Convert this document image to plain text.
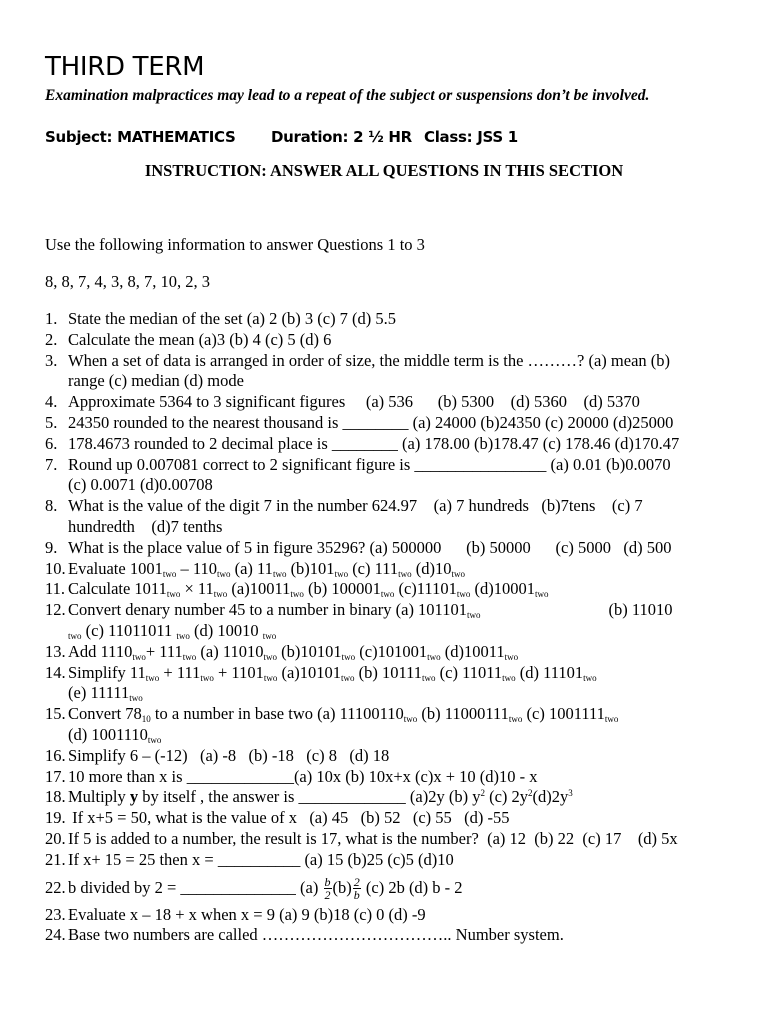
THIRD TERM
Examination malpractices may lead to a repeat of the subject or suspensions don’t be involved.
Subject: MATHEMATICS Duration: 2 ½ HR Class: JSS 1
INSTRUCTION: ANSWER ALL QUESTIONS IN THIS SECTION
Use the following information to answer Questions 1 to 3
8, 8, 7, 4, 3, 8, 7, 10, 2, 3
1. State the median of the set (a) 2 (b) 3 (c) 7 (d) 5.5
2. Calculate the mean (a)3 (b) 4 (c) 5 (d) 6
3. When a set of data is arranged in order of size, the middle term is the ………? (a) mean (b)
range (c) median (d) mode
4. Approximate 5364 to 3 significant figures     (a) 536      (b) 5300    (d) 5360    (d) 5370
5. 24350 rounded to the nearest thousand is ________ (a) 24000 (b)24350 (c) 20000 (d)25000
6. 178.4673 rounded to 2 decimal place is ________ (a) 178.00 (b)178.47 (c) 178.46 (d)170.47
7. Round up 0.007081 correct to 2 significant figure is ________________ (a) 0.01 (b)0.0070
(c) 0.0071 (d)0.00708
8. What is the value of the digit 7 in the number 624.97    (a) 7 hundreds   (b)7tens    (c) 7
hundredth    (d)7 tenths
9. What is the place value of 5 in figure 35296? (a) 500000      (b) 50000      (c) 5000   (d) 500
10. Evaluate $1001_{two} - 110_{two}$ (a) $11_{two}$ $(b)101_{two}$ (c) $111_{two}$ $(d)10_{two}$
11. Calculate $1011_{two} \times 11_{two}$ $(a)10011_{two}$ (b) $100001_{two}$ $(c)11101_{two}$ $(d)10001_{two}$
12. Convert denary number 45 to a number in binary (a) $101101_{two}$	(b) 11010
$_{two}$ (c) 11011011 $_{two}$ (d) 10010 $_{two}$
13. Add $1110_{two}+ 111_{two}$ (a) $11010_{two}$ $(b)10101_{two}$ $(c)101001_{two}$ $(d)10011_{two}$
14. Simplify $11_{two} + 111_{two} + 1101_{two}$ $(a)10101_{two}$ (b) $10111_{two}$ (c) $11011_{two}$ (d) $11101_{two}$
(e) $11111_{two}$
15. Convert $78_{10}$ to a number in base two (a) $11100110_{two}$ (b) $11000111_{two}$ (c) $1001111_{two}$
(d) $1001110_{two}$
16. Simplify 6 – (-12)   (a) -8   (b) -18   (c) 8   (d) 18
17. 10 more than x is _____________(a) 10x (b) 10x+x (c)x + 10 (d)10 - x
18. Multiply y by itself , the answer is _____________ (a)2y (b) $y^2$ (c) $2y^2(d)2y^3$
19. If x+5 = 50, what is the value of x   (a) 45   (b) 52   (c) 55   (d) -55
20. If 5 is added to a number, the result is 17, what is the number?  (a) 12  (b) 22  (c) 17    (d) 5x
21. If x+ 15 = 25 then x = __________ (a) 15 (b)25 (c)5 (d)10
22. b divided by 2 = ______________ $(a) \frac{b}{2} (b) \frac{2}{b} (c)$ 2b (d) b - 2
23. Evaluate x – 18 + x when x = 9 (a) 9 (b)18 (c) 0 (d) -9
24. Base two numbers are called …………………………….. Number system.
